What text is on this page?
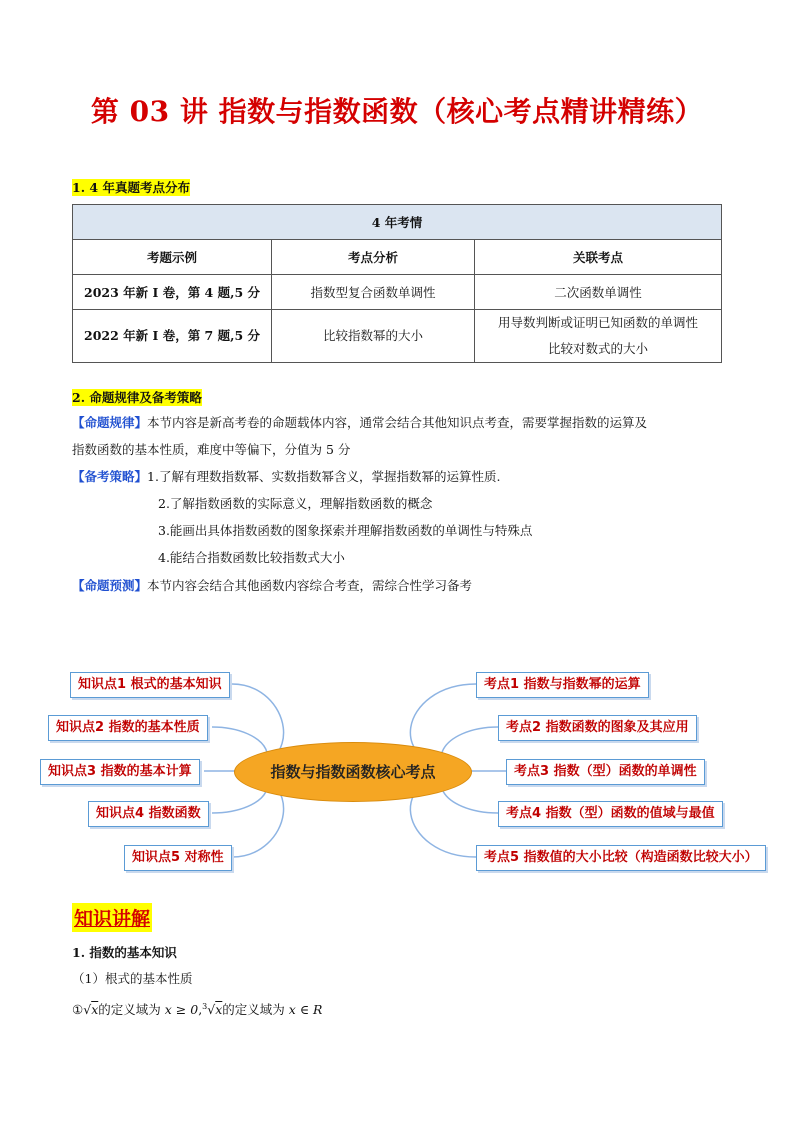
第 03 讲 指数与指数函数（核心考点精讲精练）
1. 4 年真题考点分布
4 年考情		
考题示例	考点分析	关联考点
2023 年新 I 卷，第 4 题,5 分	指数型复合函数单调性	二次函数单调性
2022 年新 I 卷，第 7 题,5 分	比较指数幂的大小	用导数判断或证明已知函数的单调性
比较对数式的大小
2. 命题规律及备考策略
【命题规律】本节内容是新高考卷的命题载体内容，通常会结合其他知识点考查，需要掌握指数的运算及
指数函数的基本性质，难度中等偏下，分值为 5 分
【备考策略】1.了解有理数指数幂、实数指数幂含义，掌握指数幂的运算性质.
2.了解指数函数的实际意义，理解指数函数的概念
3.能画出具体指数函数的图象探索并理解指数函数的单调性与特殊点
4.能结合指数函数比较指数式大小
【命题预测】本节内容会结合其他函数内容综合考查，需综合性学习备考
指数与指数函数核心考点
知识点1 根式的基本知识
知识点2 指数的基本性质
知识点3 指数的基本计算
知识点4 指数函数
知识点5 对称性
考点1 指数与指数幂的运算
考点2 指数函数的图象及其应用
考点3 指数（型）函数的单调性
考点4 指数（型）函数的值域与最值
考点5 指数值的大小比较（构造函数比较大小）
知识讲解
1. 指数的基本知识
（1）根式的基本性质
①√x的定义域为 x ≥ 0,$^3$√x的定义域为 x ∈ R
